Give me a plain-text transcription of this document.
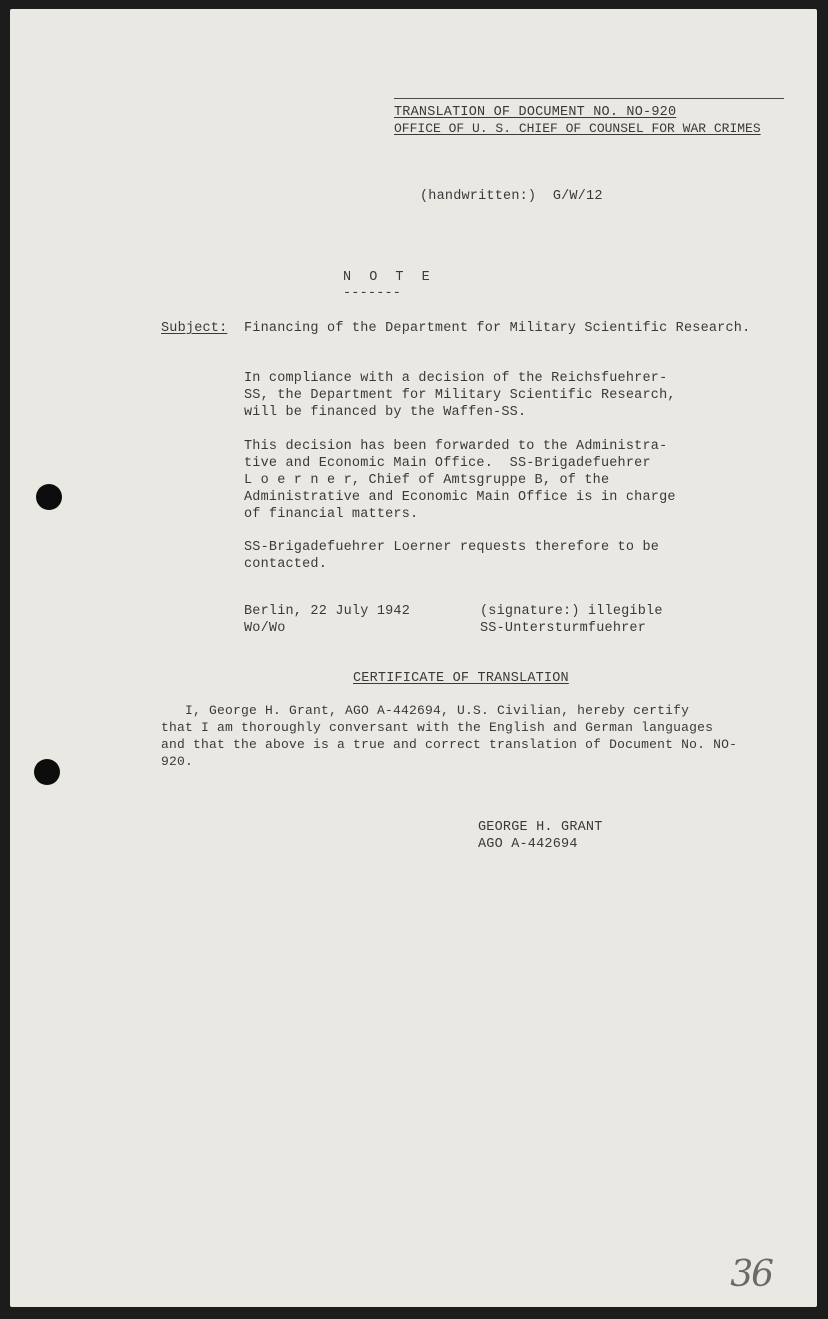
TRANSLATION OF DOCUMENT NO. NO-920
OFFICE OF U. S. CHIEF OF COUNSEL FOR WAR CRIMES
(handwritten:)  G/W/12
N O T E
-------
Subject: Financing of the Department for Military Scientific Research.
In compliance with a decision of the Reichsfuehrer-
SS, the Department for Military Scientific Research,
will be financed by the Waffen-SS.
This decision has been forwarded to the Administra-
tive and Economic Main Office.  SS-Brigadefuehrer
L o e r n e r, Chief of Amtsgruppe B, of the
Administrative and Economic Main Office is in charge
of financial matters.
SS-Brigadefuehrer Loerner requests therefore to be
contacted.
Berlin, 22 July 1942
Wo/Wo
(signature:) illegible
SS-Untersturmfuehrer
CERTIFICATE OF TRANSLATION
I, George H. Grant, AGO A-442694, U.S. Civilian, hereby certify
that I am thoroughly conversant with the English and German languages
and that the above is a true and correct translation of Document No. NO-
920.
GEORGE H. GRANT
AGO A-442694
36
